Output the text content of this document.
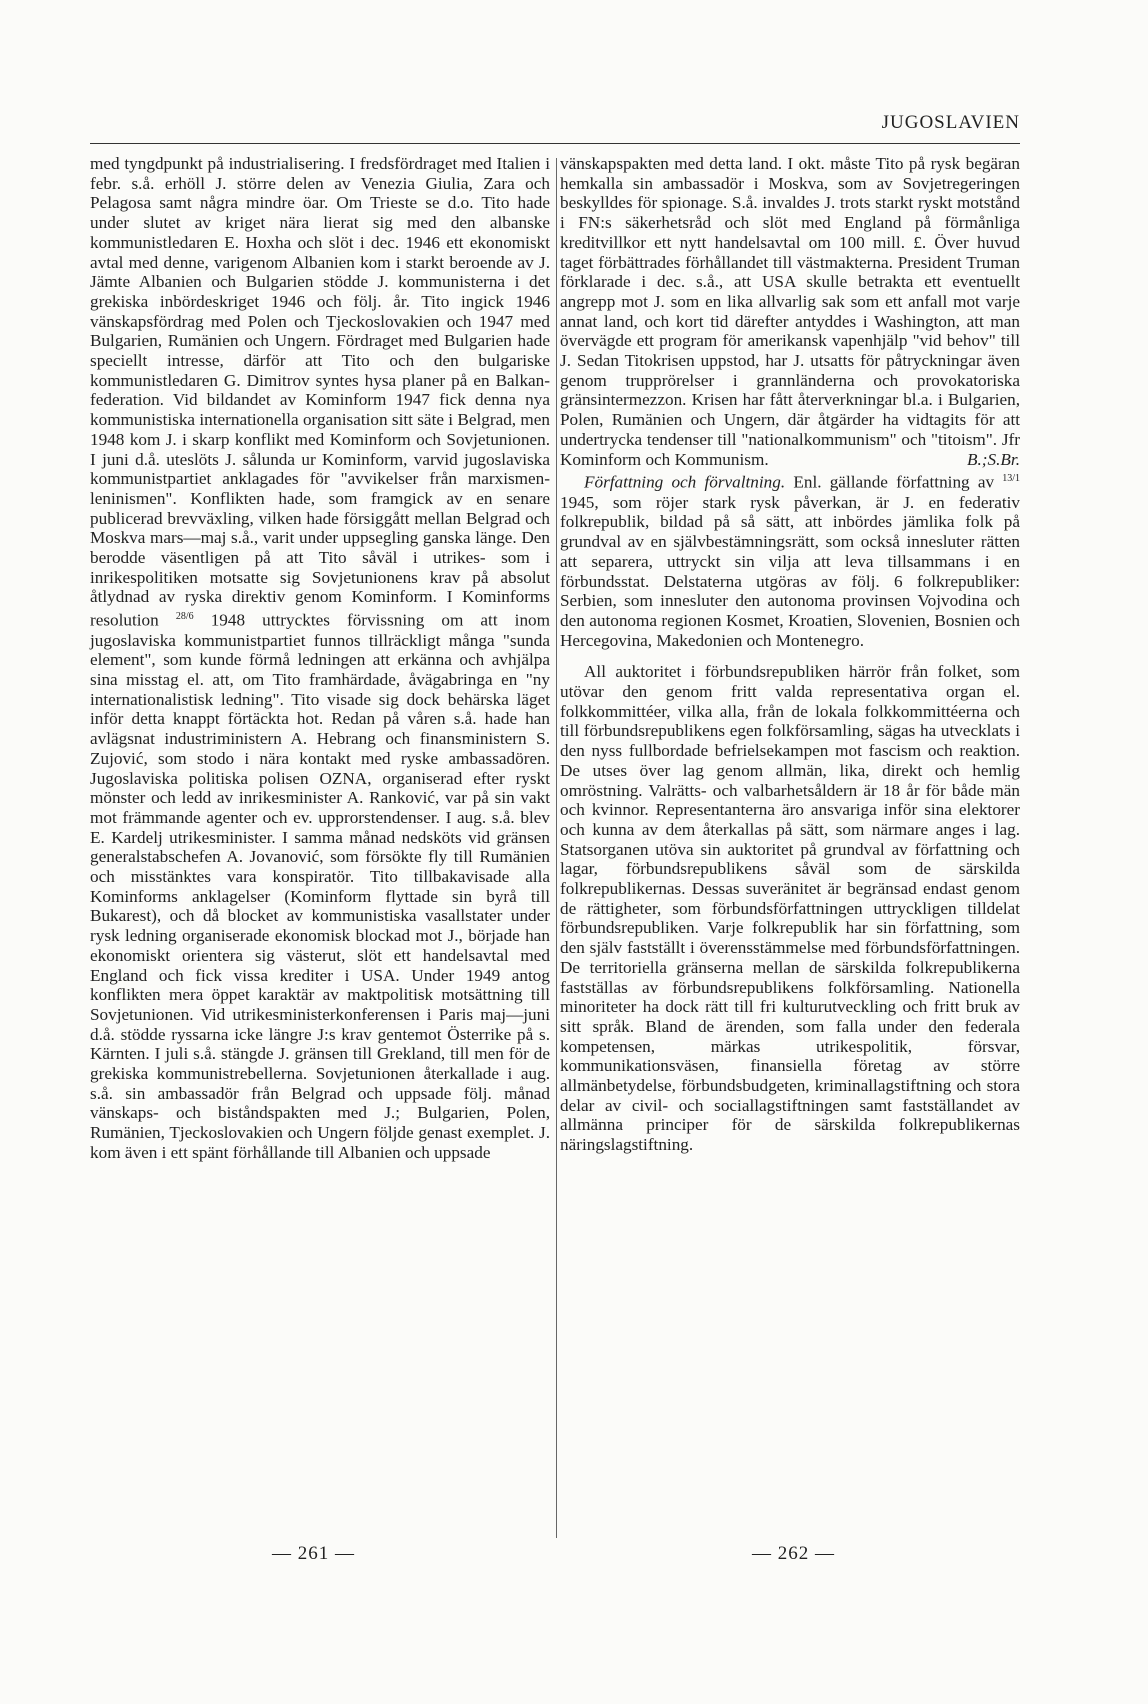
JUGOSLAVIEN

med tyngdpunkt på industrialisering. I fredsfördraget med Italien i febr. s.å. erhöll J. större delen av Venezia Giulia, Zara och Pelagosa samt några mindre öar. Om Trieste se d.o. Tito hade under slutet av kriget nära lierat sig med den albanske kommunistledaren E. Hoxha och slöt i dec. 1946 ett ekonomiskt avtal med denne, varigenom Albanien kom i starkt beroende av J. Jämte Albanien och Bulgarien stödde J. kommunisterna i det grekiska inbördeskriget 1946 och följ. år. Tito ingick 1946 vänskapsfördrag med Polen och Tjeckoslovakien och 1947 med Bulgarien, Rumänien och Ungern. Fördraget med Bulgarien hade speciellt intresse, därför att Tito och den bulgariske kommunistledaren G. Dimitrov syntes hysa planer på en Balkan-federation. Vid bildandet av Kominform 1947 fick denna nya kommunistiska internationella organisation sitt säte i Belgrad, men 1948 kom J. i skarp konflikt med Kominform och Sovjetunionen. I juni d.å. uteslöts J. sålunda ur Kominform, varvid jugoslaviska kommunistpartiet anklagades för "avvikelser från marxismen-leninismen". Konflikten hade, som framgick av en senare publicerad brevväxling, vilken hade försiggått mellan Belgrad och Moskva mars—maj s.å., varit under uppsegling ganska länge. Den berodde väsentligen på att Tito såväl i utrikes- som i inrikespolitiken motsatte sig Sovjetunionens krav på absolut åtlydnad av ryska direktiv genom Kominform. I Kominforms resolution $^{28/6}$ 1948 uttrycktes förvissning om att inom jugoslaviska kommunistpartiet funnos tillräckligt många "sunda element", som kunde förmå ledningen att erkänna och avhjälpa sina misstag el. att, om Tito framhärdade, åvägabringa en "ny internationalistisk ledning". Tito visade sig dock behärska läget inför detta knappt förtäckta hot. Redan på våren s.å. hade han avlägsnat industriministern A. Hebrang och finansministern S. Zujović, som stodo i nära kontakt med ryske ambassadören. Jugoslaviska politiska polisen OZNA, organiserad efter ryskt mönster och ledd av inrikesminister A. Ranković, var på sin vakt mot främmande agenter och ev. upprorstendenser. I aug. s.å. blev E. Kardelj utrikesminister. I samma månad nedsköts vid gränsen generalstabschefen A. Jovanović, som försökte fly till Rumänien och misstänktes vara konspiratör. Tito tillbakavisade alla Kominforms anklagelser (Kominform flyttade sin byrå till Bukarest), och då blocket av kommunistiska vasallstater under rysk ledning organiserade ekonomisk blockad mot J., började han ekonomiskt orientera sig västerut, slöt ett handelsavtal med England och fick vissa krediter i USA. Under 1949 antog konflikten mera öppet karaktär av maktpolitisk motsättning till Sovjetunionen. Vid utrikesministerkonferensen i Paris maj—juni d.å. stödde ryssarna icke längre J:s krav gentemot Österrike på s. Kärnten. I juli s.å. stängde J. gränsen till Grekland, till men för de grekiska kommunistrebellerna. Sovjetunionen återkallade i aug. s.å. sin ambassadör från Belgrad och uppsade följ. månad vänskaps- och biståndspakten med J.; Bulgarien, Polen, Rumänien, Tjeckoslovakien och Ungern följde genast exemplet. J. kom även i ett spänt förhållande till Albanien och uppsade

vänskapspakten med detta land. I okt. måste Tito på rysk begäran hemkalla sin ambassadör i Moskva, som av Sovjetregeringen beskylldes för spionage. S.å. invaldes J. trots starkt ryskt motstånd i FN:s säkerhetsråd och slöt med England på förmånliga kreditvillkor ett nytt handelsavtal om 100 mill. £. Över huvud taget förbättrades förhållandet till västmakterna. President Truman förklarade i dec. s.å., att USA skulle betrakta ett eventuellt angrepp mot J. som en lika allvarlig sak som ett anfall mot varje annat land, och kort tid därefter antyddes i Washington, att man övervägde ett program för amerikansk vapenhjälp "vid behov" till J. Sedan Titokrisen uppstod, har J. utsatts för påtryckningar även genom trupprörelser i grannländerna och provokatoriska gränsintermezzon. Krisen har fått återverkningar bl.a. i Bulgarien, Polen, Rumänien och Ungern, där åtgärder ha vidtagits för att undertrycka tendenser till "nationalkommunism" och "titoism". Jfr Kominform och Kommunism.	B.;S.Br.

Författning och förvaltning. Enl. gällande författning av $^{13/1}$ 1945, som röjer stark rysk påverkan, är J. en federativ folkrepublik, bildad på så sätt, att inbördes jämlika folk på grundval av en självbestämningsrätt, som också innesluter rätten att separera, uttryckt sin vilja att leva tillsammans i en förbundsstat. Delstaterna utgöras av följ. 6 folkrepubliker: Serbien, som innesluter den autonoma provinsen Vojvodina och den autonoma regionen Kosmet, Kroatien, Slovenien, Bosnien och Hercegovina, Makedonien och Montenegro.

All auktoritet i förbundsrepubliken härrör från folket, som utövar den genom fritt valda representativa organ el. folkkommittéer, vilka alla, från de lokala folkkommittéerna och till förbundsrepublikens egen folkförsamling, sägas ha utvecklats i den nyss fullbordade befrielsekampen mot fascism och reaktion. De utses över lag genom allmän, lika, direkt och hemlig omröstning. Valrätts- och valbarhetsåldern är 18 år för både män och kvinnor. Representanterna äro ansvariga inför sina elektorer och kunna av dem återkallas på sätt, som närmare anges i lag. Statsorganen utöva sin auktoritet på grundval av författning och lagar, förbundsrepublikens såväl som de särskilda folkrepublikernas. Dessas suveränitet är begränsad endast genom de rättigheter, som förbundsförfattningen uttryckligen tilldelat förbundsrepubliken. Varje folkrepublik har sin författning, som den själv fastställt i överensstämmelse med förbundsförfattningen. De territoriella gränserna mellan de särskilda folkrepublikerna fastställas av förbundsrepublikens folkförsamling. Nationella minoriteter ha dock rätt till fri kulturutveckling och fritt bruk av sitt språk. Bland de ärenden, som falla under den federala kompetensen, märkas utrikespolitik, försvar, kommunikationsväsen, finansiella företag av större allmänbetydelse, förbundsbudgeten, kriminallagstiftning och stora delar av civil- och sociallagstiftningen samt fastställandet av allmänna principer för de särskilda folkrepublikernas näringslagstiftning.

— 261 —	— 262 —
